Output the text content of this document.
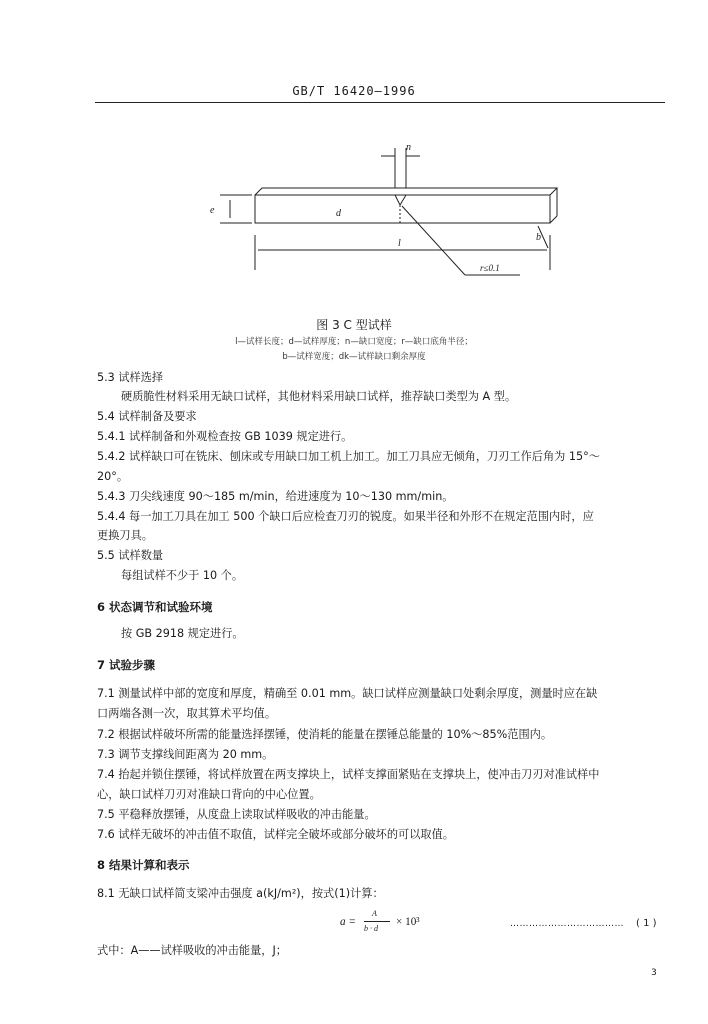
GB/T 16420—1996
n
e	d
l
b
r≤0.1
图 3 C 型试样
l—试样长度；d—试样厚度；n—缺口宽度；r—缺口底角半径；
b—试样宽度；dk—试样缺口剩余厚度
5.3 试样选择
硬质脆性材料采用无缺口试样，其他材料采用缺口试样，推荐缺口类型为 A 型。
5.4 试样制备及要求
5.4.1 试样制备和外观检查按 GB 1039 规定进行。
5.4.2 试样缺口可在铣床、刨床或专用缺口加工机上加工。加工刀具应无倾角，刀刃工作后角为 15°～
20°。
5.4.3 刀尖线速度 90～185 m/min，给进速度为 10～130 mm/min。
5.4.4 每一加工刀具在加工 500 个缺口后应检查刀刃的锐度。如果半径和外形不在规定范围内时，应
更换刀具。
5.5 试样数量
每组试样不少于 10 个。
6 状态调节和试验环境
按 GB 2918 规定进行。
7 试验步骤
7.1 测量试样中部的宽度和厚度，精确至 0.01 mm。缺口试样应测量缺口处剩余厚度，测量时应在缺
口两端各测一次，取其算术平均值。
7.2 根据试样破坏所需的能量选择摆锤，使消耗的能量在摆锤总能量的 10%～85%范围内。
7.3 调节支撑线间距离为 20 mm。
7.4 抬起并锁住摆锤，将试样放置在两支撑块上，试样支撑面紧贴在支撑块上，使冲击刀刃对准试样中
心，缺口试样刀刃对准缺口背向的中心位置。
7.5 平稳释放摆锤，从度盘上读取试样吸收的冲击能量。
7.6 试样无破坏的冲击值不取值，试样完全破坏或部分破坏的可以取值。
8 结果计算和表示
8.1 无缺口试样简支梁冲击强度 a(kJ/m²)，按式(1)计算：
a =
A
b · d
× 10³	……………………………… ( 1 )
式中：A——试样吸收的冲击能量，J；
3
